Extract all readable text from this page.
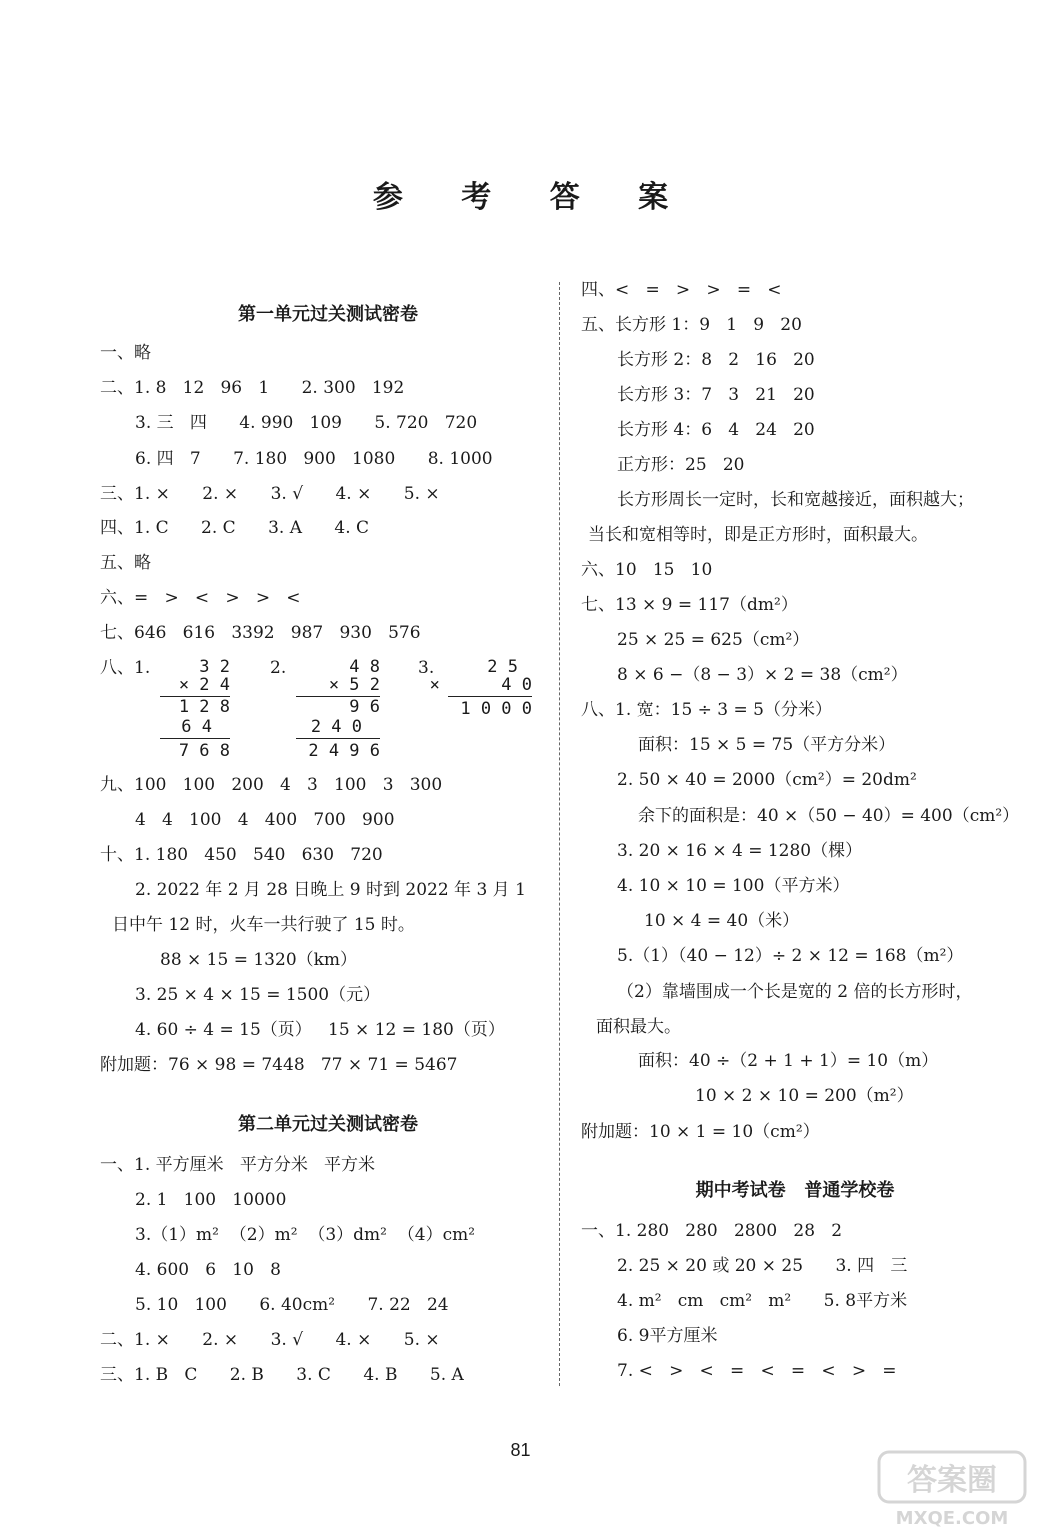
参 考 答 案
第一单元过关测试密卷
一、略
二、1. 8   12   96   1      2. 300   192
3. 三   四      4. 990   109      5. 720   720
6. 四   7      7. 180   900   1080      8. 1000
三、1. ×      2. ×      3. √      4. ×      5. ×
四、1. C      2. C      3. A      4. C
五、略
六、=   >   <   >   >   <
七、646   616   3392   987   930   576
八、1.	3 2
× 2 4
1 2 8
6 4
7 6 8
2.	4 8
× 5 2
9 6
2 4 0
2 4 9 6
3.	2 5
×      4 0
1 0 0 0
九、100   100   200   4   3   100   3   300
4   4   100   4   400   700   900
十、1. 180   450   540   630   720
2. 2022 年 2 月 28 日晚上 9 时到 2022 年 3 月 1
日中午 12 时，火车一共行驶了 15 时。
88 × 15 = 1320（km）
3. 25 × 4 × 15 = 1500（元）
4. 60 ÷ 4 = 15（页）   15 × 12 = 180（页）
附加题：76 × 98 = 7448   77 × 71 = 5467
第二单元过关测试密卷
一、1. 平方厘米   平方分米   平方米
2. 1   100   10000
3.（1）m²  （2）m²  （3）dm²  （4）cm²
4. 600   6   10   8
5. 10   100      6. 40cm²      7. 22   24
二、1. ×      2. ×      3. √      4. ×      5. ×
三、1. B   C      2. B      3. C      4. B      5. A
四、<   =   >   >   =   <
五、长方形 1：9   1   9   20
长方形 2：8   2   16   20
长方形 3：7   3   21   20
长方形 4：6   4   24   20
正方形：25   20
长方形周长一定时，长和宽越接近，面积越大；
当长和宽相等时，即是正方形时，面积最大。
六、10   15   10
七、13 × 9 = 117（dm²）
25 × 25 = 625（cm²）
8 × 6 −（8 − 3）× 2 = 38（cm²）
八、1. 宽：15 ÷ 3 = 5（分米）
面积：15 × 5 = 75（平方分米）
2. 50 × 40 = 2000（cm²）= 20dm²
余下的面积是：40 ×（50 − 40）= 400（cm²）
3. 20 × 16 × 4 = 1280（棵）
4. 10 × 10 = 100（平方米）
10 × 4 = 40（米）
5.（1）（40 − 12）÷ 2 × 12 = 168（m²）
（2）靠墙围成一个长是宽的 2 倍的长方形时，
面积最大。
面积：40 ÷（2 + 1 + 1）= 10（m）
10 × 2 × 10 = 200（m²）
附加题：10 × 1 = 10（cm²）
期中考试卷   普通学校卷
一、1. 280   280   2800   28   2
2. 25 × 20 或 20 × 25      3. 四   三
4. m²   cm   cm²   m²      5. 8平方米
6. 9平方厘米
7. <   >   <   =   <   =   <   >   =
81
答案圈
MXQE.COM
